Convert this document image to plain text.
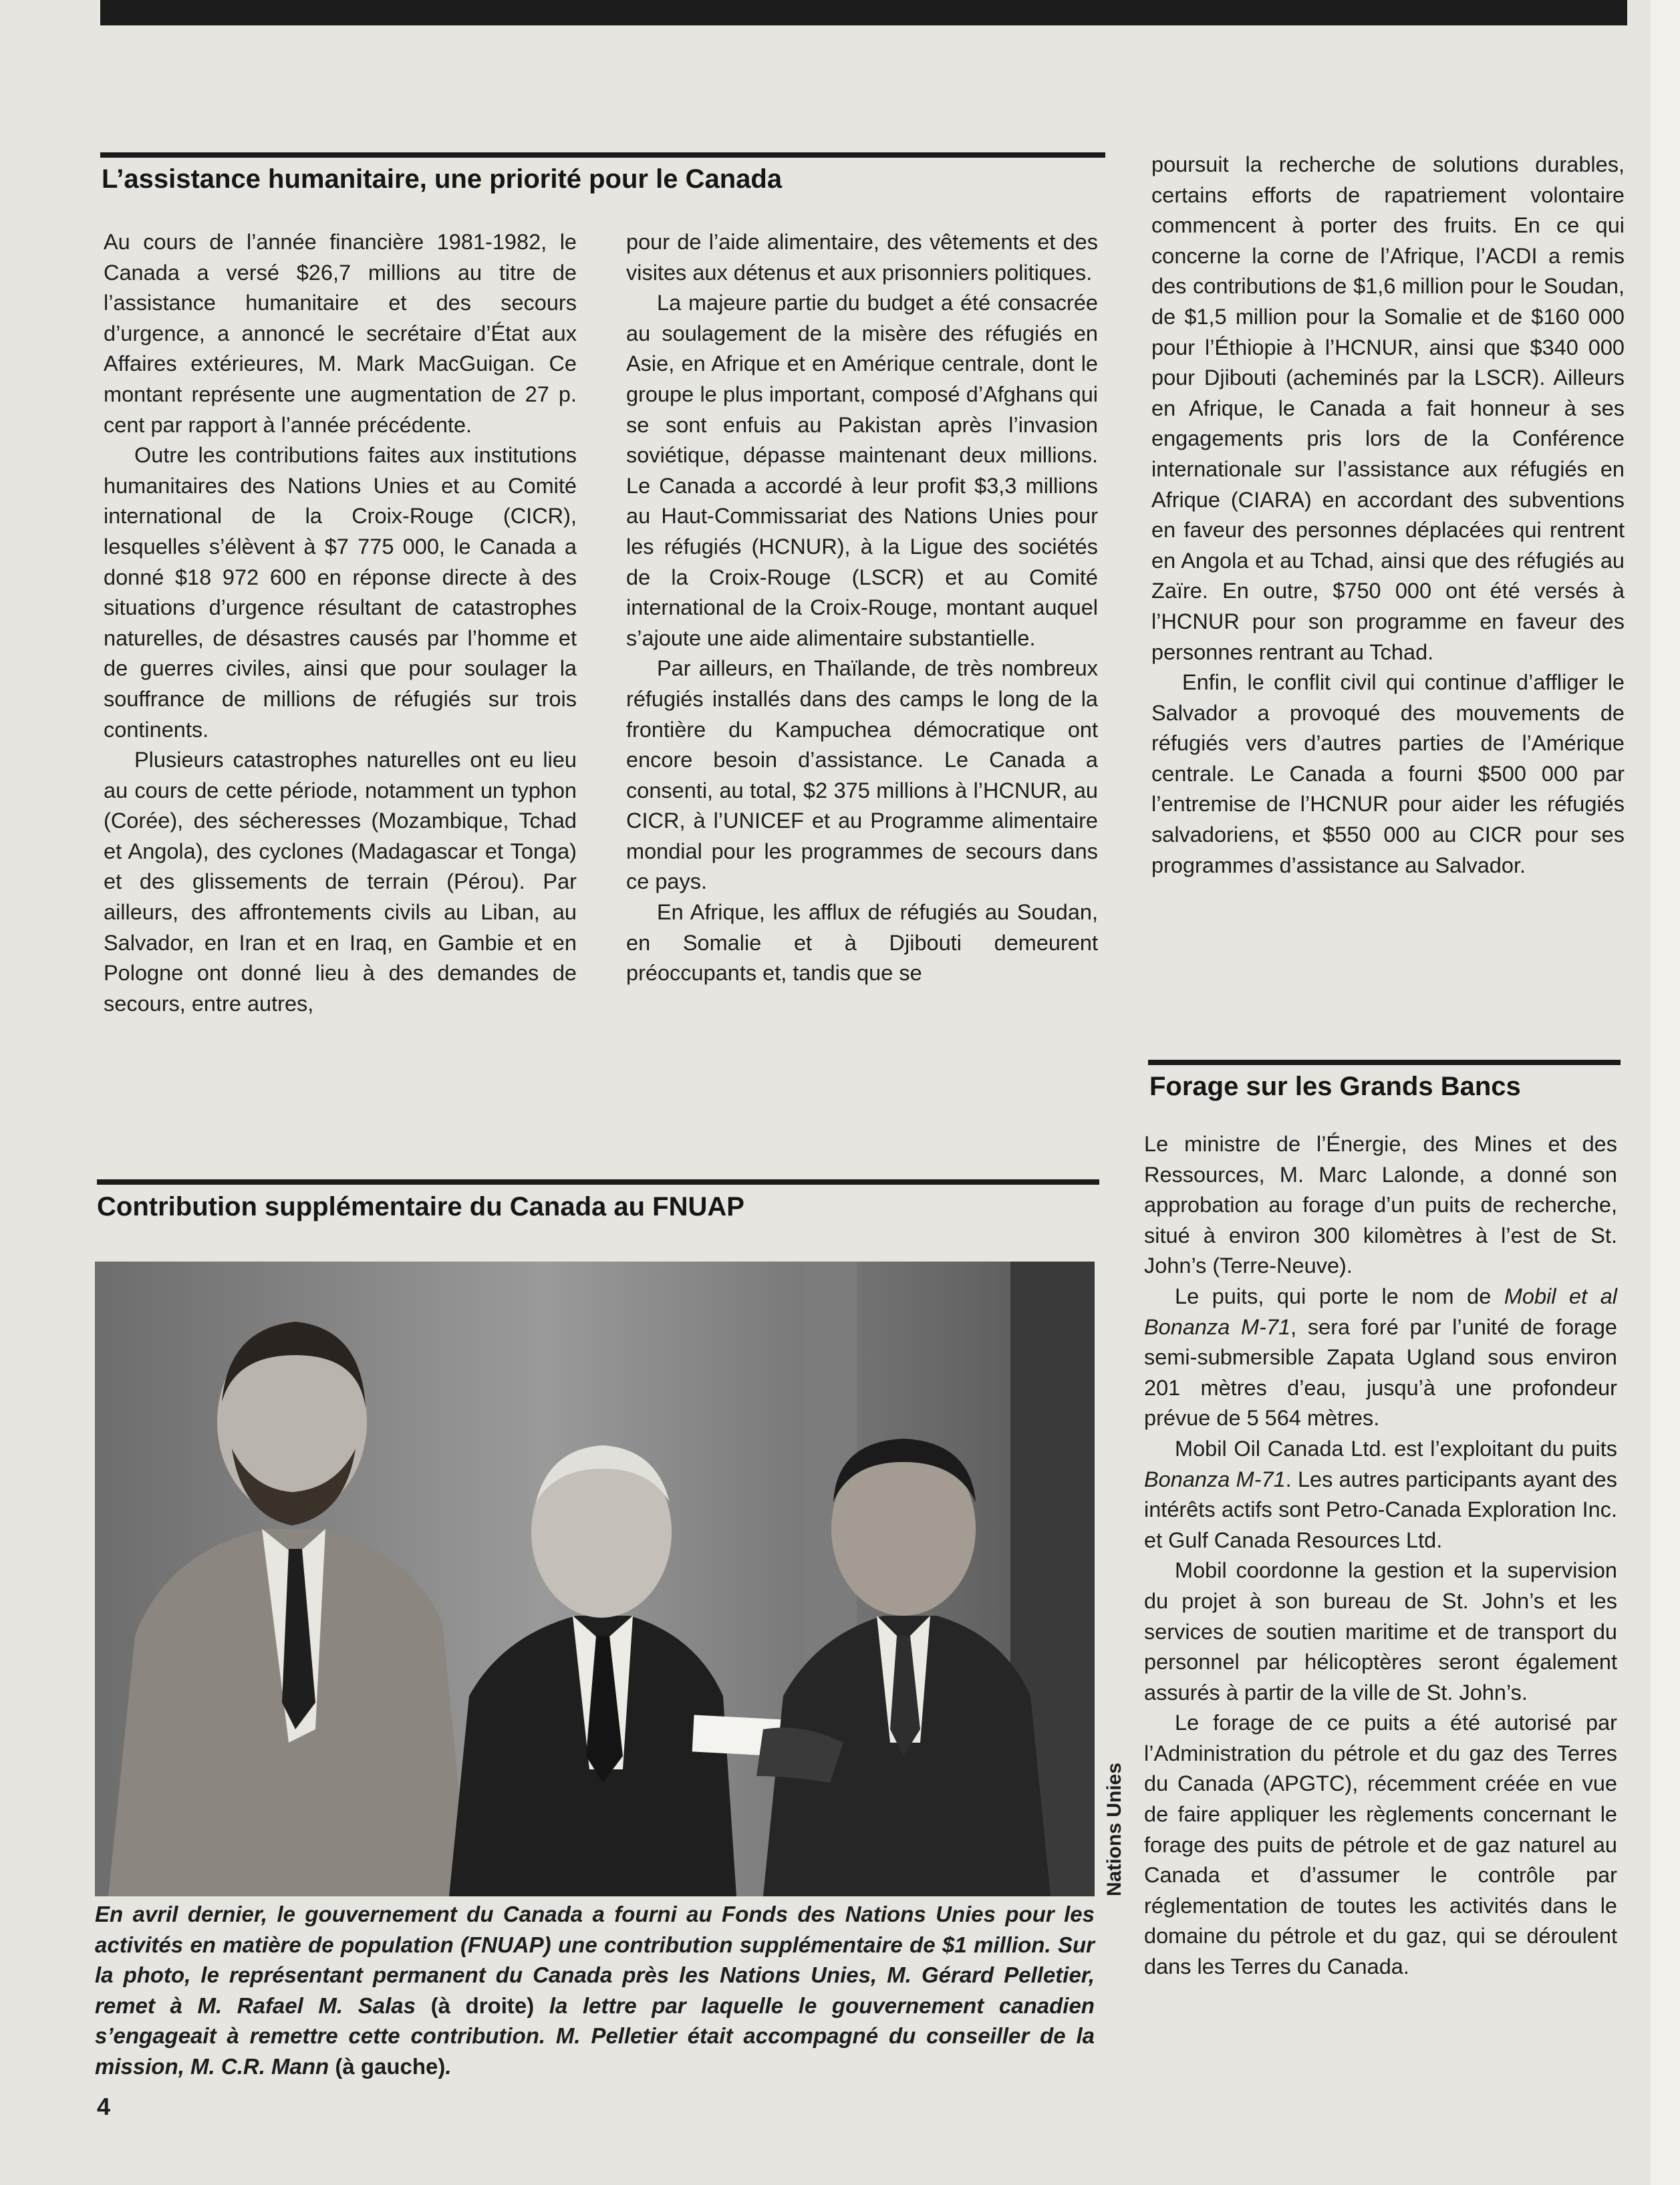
L’assistance humanitaire, une priorité pour le Canada

Au cours de l’année financière 1981-1982, le Canada a versé $26,7 millions au titre de l’assistance humanitaire et des secours d’urgence, a annoncé le secrétaire d’État aux Affaires extérieures, M. Mark MacGuigan. Ce montant représente une augmentation de 27 p. cent par rapport à l’année précédente.

Outre les contributions faites aux institutions humanitaires des Nations Unies et au Comité international de la Croix-Rouge (CICR), lesquelles s’élèvent à $7 775 000, le Canada a donné $18 972 600 en réponse directe à des situations d’urgence résultant de catastrophes naturelles, de désastres causés par l’homme et de guerres civiles, ainsi que pour soulager la souffrance de millions de réfugiés sur trois continents.

Plusieurs catastrophes naturelles ont eu lieu au cours de cette période, notamment un typhon (Corée), des sécheresses (Mozambique, Tchad et Angola), des cyclones (Madagascar et Tonga) et des glissements de terrain (Pérou). Par ailleurs, des affrontements civils au Liban, au Salvador, en Iran et en Iraq, en Gambie et en Pologne ont donné lieu à des demandes de secours, entre autres,

pour de l’aide alimentaire, des vêtements et des visites aux détenus et aux prisonniers politiques.

La majeure partie du budget a été consacrée au soulagement de la misère des réfugiés en Asie, en Afrique et en Amérique centrale, dont le groupe le plus important, composé d’Afghans qui se sont enfuis au Pakistan après l’invasion soviétique, dépasse maintenant deux millions. Le Canada a accordé à leur profit $3,3 millions au Haut-Commissariat des Nations Unies pour les réfugiés (HCNUR), à la Ligue des sociétés de la Croix-Rouge (LSCR) et au Comité international de la Croix-Rouge, montant auquel s’ajoute une aide alimentaire substantielle.

Par ailleurs, en Thaïlande, de très nombreux réfugiés installés dans des camps le long de la frontière du Kampuchea démocratique ont encore besoin d’assistance. Le Canada a consenti, au total, $2 375 millions à l’HCNUR, au CICR, à l’UNICEF et au Programme alimentaire mondial pour les programmes de secours dans ce pays.

En Afrique, les afflux de réfugiés au Soudan, en Somalie et à Djibouti demeurent préoccupants et, tandis que se

poursuit la recherche de solutions durables, certains efforts de rapatriement volontaire commencent à porter des fruits. En ce qui concerne la corne de l’Afrique, l’ACDI a remis des contributions de $1,6 million pour le Soudan, de $1,5 million pour la Somalie et de $160 000 pour l’Éthiopie à l’HCNUR, ainsi que $340 000 pour Djibouti (acheminés par la LSCR). Ailleurs en Afrique, le Canada a fait honneur à ses engagements pris lors de la Conférence internationale sur l’assistance aux réfugiés en Afrique (CIARA) en accordant des subventions en faveur des personnes déplacées qui rentrent en Angola et au Tchad, ainsi que des réfugiés au Zaïre. En outre, $750 000 ont été versés à l’HCNUR pour son programme en faveur des personnes rentrant au Tchad.

Enfin, le conflit civil qui continue d’affliger le Salvador a provoqué des mouvements de réfugiés vers d’autres parties de l’Amérique centrale. Le Canada a fourni $500 000 par l’entremise de l’HCNUR pour aider les réfugiés salvadoriens, et $550 000 au CICR pour ses programmes d’assistance au Salvador.

Contribution supplémentaire du Canada au FNUAP
En avril dernier, le gouvernement du Canada a fourni au Fonds des Nations Unies pour les activités en matière de population (FNUAP) une contribution supplémentaire de $1 million. Sur la photo, le représentant permanent du Canada près les Nations Unies, M. Gérard Pelletier, remet à M. Rafael M. Salas (à droite) la lettre par laquelle le gouvernement canadien s’engageait à remettre cette contribution. M. Pelletier était accompagné du conseiller de la mission, M. C.R. Mann (à gauche).
Forage sur les Grands Bancs

Le ministre de l’Énergie, des Mines et des Ressources, M. Marc Lalonde, a donné son approbation au forage d’un puits de recherche, situé à environ 300 kilomètres à l’est de St. John’s (Terre-Neuve).

Le puits, qui porte le nom de Mobil et al Bonanza M-71, sera foré par l’unité de forage semi-submersible Zapata Ugland sous environ 201 mètres d’eau, jusqu’à une profondeur prévue de 5 564 mètres.

Mobil Oil Canada Ltd. est l’exploitant du puits Bonanza M-71. Les autres participants ayant des intérêts actifs sont Petro-Canada Exploration Inc. et Gulf Canada Resources Ltd.

Mobil coordonne la gestion et la supervision du projet à son bureau de St. John’s et les services de soutien maritime et de transport du personnel par hélicoptères seront également assurés à partir de la ville de St. John’s.

Le forage de ce puits a été autorisé par l’Administration du pétrole et du gaz des Terres du Canada (APGTC), récemment créée en vue de faire appliquer les règlements concernant le forage des puits de pétrole et de gaz naturel au Canada et d’assumer le contrôle par réglementation de toutes les activités dans le domaine du pétrole et du gaz, qui se déroulent dans les Terres du Canada.

4
